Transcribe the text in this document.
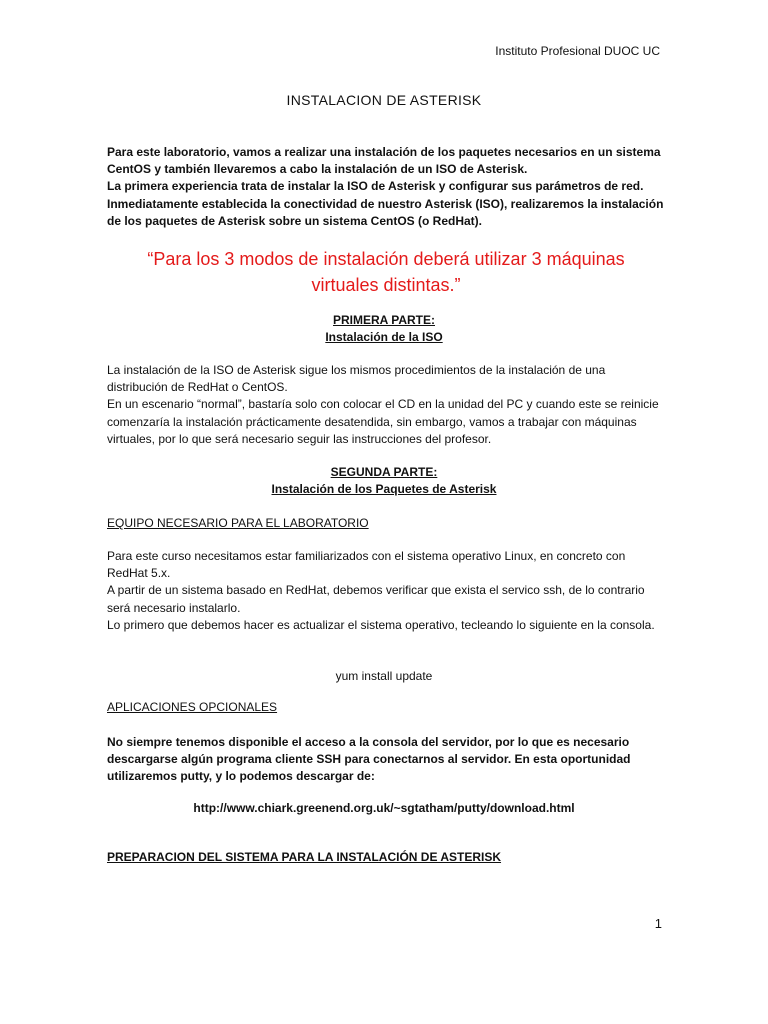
Instituto Profesional DUOC UC
INSTALACION DE ASTERISK

Para este laboratorio, vamos a realizar una instalación de los paquetes necesarios en un sistema CentOS y también llevaremos a cabo la instalación de un ISO de Asterisk.

La primera experiencia trata de instalar la ISO de Asterisk y configurar sus parámetros de red.

Inmediatamente establecida la conectividad de nuestro Asterisk (ISO), realizaremos la instalación de los paquetes de Asterisk sobre un sistema CentOS (o RedHat).

“Para los 3 modos de instalación deberá utilizar 3 máquinas
virtuales distintas.”
PRIMERA PARTE:
Instalación de la ISO

La instalación de la ISO de Asterisk sigue los mismos procedimientos de la instalación de una distribución de RedHat o CentOS.

En un escenario “normal”, bastaría solo con colocar el CD en la unidad del PC y cuando este se reinicie comenzaría la instalación prácticamente desatendida, sin embargo, vamos a trabajar con máquinas virtuales, por lo que será necesario seguir las instrucciones del profesor.

SEGUNDA PARTE:
Instalación de los Paquetes de Asterisk
EQUIPO NECESARIO PARA EL LABORATORIO

Para este curso necesitamos estar familiarizados con el sistema operativo Linux, en concreto con RedHat 5.x.

A partir de un sistema basado en RedHat, debemos verificar que exista el servico ssh, de lo contrario será necesario instalarlo.

Lo primero que debemos hacer es actualizar el sistema operativo, tecleando lo siguiente en la consola.

yum install update
APLICACIONES OPCIONALES

No siempre tenemos disponible el acceso a la consola del servidor, por lo que es necesario descargarse algún programa cliente SSH para conectarnos al servidor. En esta oportunidad utilizaremos putty, y lo podemos descargar de:

http://www.chiark.greenend.org.uk/~sgtatham/putty/download.html
PREPARACION DEL SISTEMA PARA LA INSTALACIÓN DE ASTERISK
1
